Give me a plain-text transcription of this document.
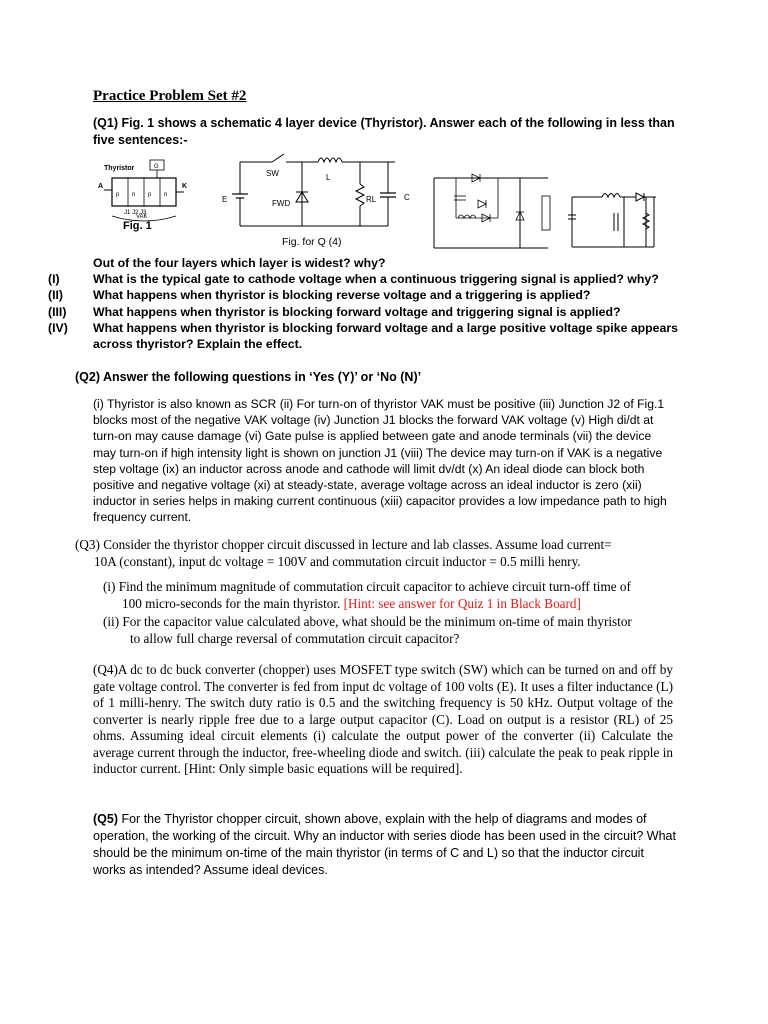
Practice Problem Set #2
(Q1) Fig. 1 shows a schematic 4 layer device (Thyristor). Answer each of the following in less than five sentences:-
Thyristor	G
A
p n p n
K
J1 J2 J3
VAK
Fig. 1
SW	L
E	FWD	RL	C
Fig. for Q (4)
Out of the four layers which layer is widest? why?
(I)	What is the typical gate to cathode voltage when a continuous triggering signal is applied? why?
(II)	What happens when thyristor is blocking reverse voltage and a triggering is applied?
(III)	What happens when thyristor is blocking forward voltage and triggering signal is applied?
(IV)	What happens when thyristor is blocking forward voltage and a large positive voltage spike appears across thyristor? Explain the effect.
(Q2) Answer the following questions in ‘Yes (Y)’ or ‘No (N)’
(i) Thyristor is also known as SCR (ii) For turn-on of thyristor VAK must be positive (iii) Junction J2 of Fig.1 blocks most of the negative VAK voltage (iv) Junction J1 blocks the forward VAK voltage (v) High di/dt at turn-on may cause damage (vi) Gate pulse is applied between gate and anode terminals (vii) the device may turn-on if high intensity light is shown on junction J1 (viii) The device may turn-on if VAK is a negative step voltage (ix) an inductor across anode and cathode will limit dv/dt (x) An ideal diode can block both positive and negative voltage (xi) at steady-state, average voltage across an ideal inductor is zero (xii) inductor in series helps in making current continuous (xiii) capacitor provides a low impedance path to high frequency current.
(Q3) Consider the thyristor chopper circuit discussed in lecture and lab classes. Assume load current=
10A (constant), input dc voltage = 100V and commutation circuit inductor = 0.5 milli henry.
(i) Find the minimum magnitude of commutation circuit capacitor to achieve circuit turn-off time of
100 micro-seconds for the main thyristor. [Hint: see answer for Quiz 1 in Black Board]
(ii) For the capacitor value calculated above, what should be the minimum on-time of main thyristor
to allow full charge reversal of commutation circuit capacitor?
(Q4)A dc to dc buck converter (chopper) uses MOSFET type switch (SW) which can be turned on and off by gate voltage control. The converter is fed from input dc voltage of 100 volts (E). It uses a filter inductance (L) of 1 milli-henry. The switch duty ratio is 0.5 and the switching frequency is 50 kHz. Output voltage of the converter is nearly ripple free due to a large output capacitor (C). Load on output is a resistor (RL) of 25 ohms. Assuming ideal circuit elements (i) calculate the output power of the converter (ii) Calculate the average current through the inductor, free-wheeling diode and switch. (iii) calculate the peak to peak ripple in inductor current. [Hint: Only simple basic equations will be required].
(Q5) For the Thyristor chopper circuit, shown above, explain with the help of diagrams and modes of operation, the working of the circuit. Why an inductor with series diode has been used in the circuit? What should be the minimum on-time of the main thyristor (in terms of C and L) so that the inductor circuit works as intended? Assume ideal devices.
